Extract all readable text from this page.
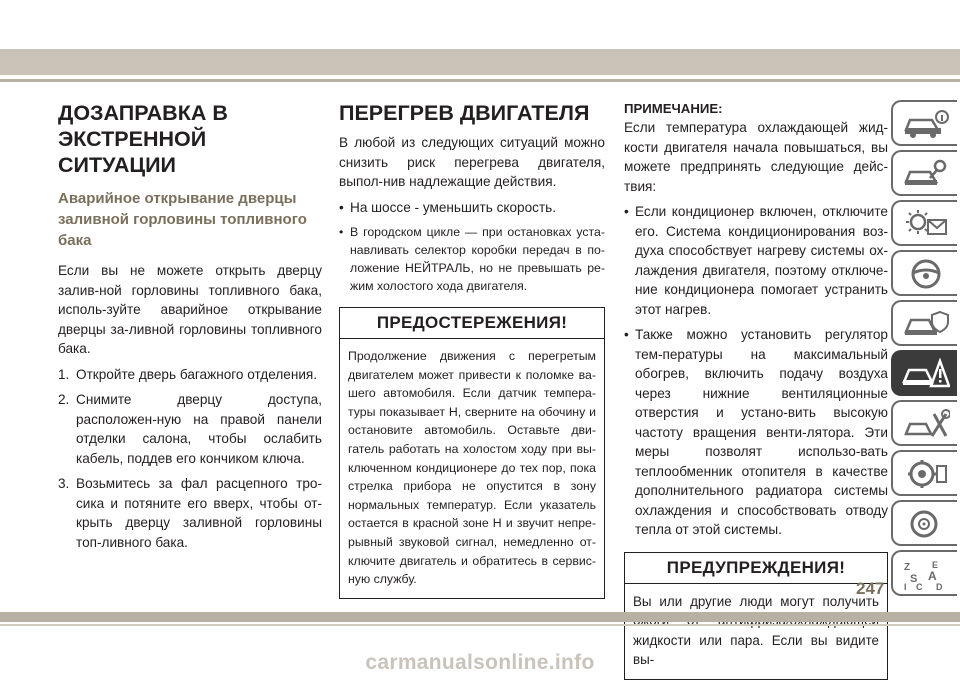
ДОЗАПРАВКА В ЭКСТРЕННОЙ СИТУАЦИИ
Аварийное открывание дверцы заливной горловины топливного бака

Если вы не можете открыть дверцу залив-ной горловины топливного бака, исполь-зуйте аварийное открывание дверцы за-ливной горловины топливного бака.

1. Откройте дверь багажного отделения.
2. Снимите дверцу доступа, расположен-ную на правой панели отделки салона, чтобы ослабить кабель, поддев его кончиком ключа.
3. Возьмитесь за фал расцепного тро-сика и потяните его вверх, чтобы от-крыть дверцу заливной горловины топ-ливного бака.
ПЕРЕГРЕВ ДВИГАТЕЛЯ

В любой из следующих ситуаций можно снизить риск перегрева двигателя, выпол-нив надлежащие действия.

• На шоссе - уменьшить скорость.
• В городском цикле — при остановках уста-навливать селектор коробки передач в по-ложение НЕЙТРАЛЬ, но не превышать ре-жим холостого хода двигателя.
ПРЕДОСТЕРЕЖЕНИЯ!
Продолжение движения с перегретым двигателем может привести к поломке ва-шего автомобиля. Если датчик темпера-туры показывает Н, сверните на обочину и остановите автомобиль. Оставьте дви-гатель работать на холостом ходу при вы-ключенном кондиционере до тех пор, пока стрелка прибора не опустится в зону нормальных температур. Если указатель остается в красной зоне Н и звучит непре-рывный звуковой сигнал, немедленно от-ключите двигатель и обратитесь в сервис-ную службу.
ПРИМЕЧАНИЕ:

Если температура охлаждающей жид-кости двигателя начала повышаться, вы можете предпринять следующие дейс-твия:

• Если кондиционер включен, отключите его. Система кондиционирования воз-духа способствует нагреву системы ох-лаждения двигателя, поэтому отключе-ние кондиционера помогает устранить этот нагрев.
• Также можно установить регулятор тем-пературы на максимальный обогрев, включить подачу воздуха через нижние вентиляционные отверстия и устано-вить высокую частоту вращения венти-лятора. Эти меры позволят использо-вать теплообменник отопителя в качестве дополнительного радиатора системы охлаждения и способствовать отводу тепла от этой системы.
ПРЕДУПРЕЖДЕНИЯ!
Вы или другие люди могут получить жидкости или пара. Если вы видите вы-
Z E
S A
I C D
247
carmanualsonline.info
